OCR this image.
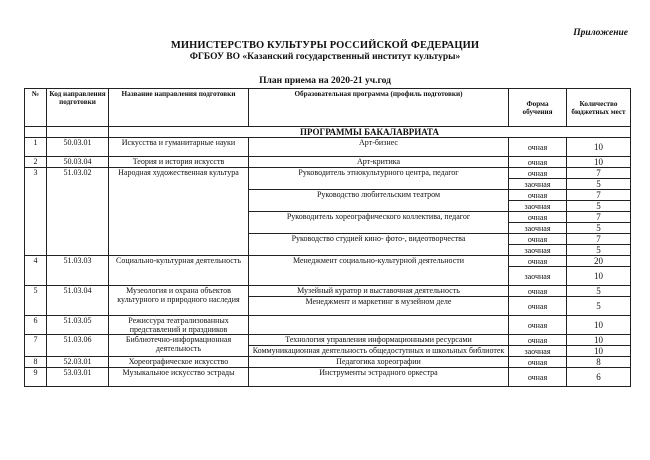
Приложение
МИНИСТЕРСТВО КУЛЬТУРЫ РОССИЙСКОЙ ФЕДЕРАЦИИ
ФГБОУ ВО «Казанский государственный институт культуры»
План приема на 2020-21 уч.год
№	Код направления подготовки	Название направления подготовки	Образовательная программа (профиль подготовки)	Форма обучения	Количество бюджетных мест
		ПРОГРАММЫ БАКАЛАВРИАТА			
1	50.03.01	Искусства и гуманитарные науки	Арт-бизнес	очная	10
2	50.03.04	Теория и история искусств	Арт-критика	очная	10
3	51.03.02	Народная художественная культура	Руководитель этнокультурного центра, педагог	очная	7
				заочная	5
			Руководство любительским театром	очная	7
				заочная	5
			Руководитель хореографического коллектива, педагог	очная	7
				заочная	5
			Руководство студией кино- фото-, видеотворчества	очная	7
				заочная	5
4	51.03.03	Социально-культурная деятельность	Менеджмент социально-культурной деятельности	очная	20
				заочная	10
5	51.03.04	Музеология и охрана объектов культурного и природного наследия	Музейный куратор и выставочная деятельность	очная	5
			Менеджмент и маркетинг в музейном деле	очная	5
6	51.03.05	Режиссура театрализованных представлений и праздников		очная	10
7	51.03.06	Библиотечно-информационная деятельность	Технология управления информационными ресурсами	очная	10
			Коммуникационная деятельность общедоступных и школьных библиотек	заочная	10
8	52.03.01	Хореографическое искусство	Педагогика хореографии	очная	8
9	53.03.01	Музыкальное искусство эстрады	Инструменты эстрадного оркестра	очная	6
